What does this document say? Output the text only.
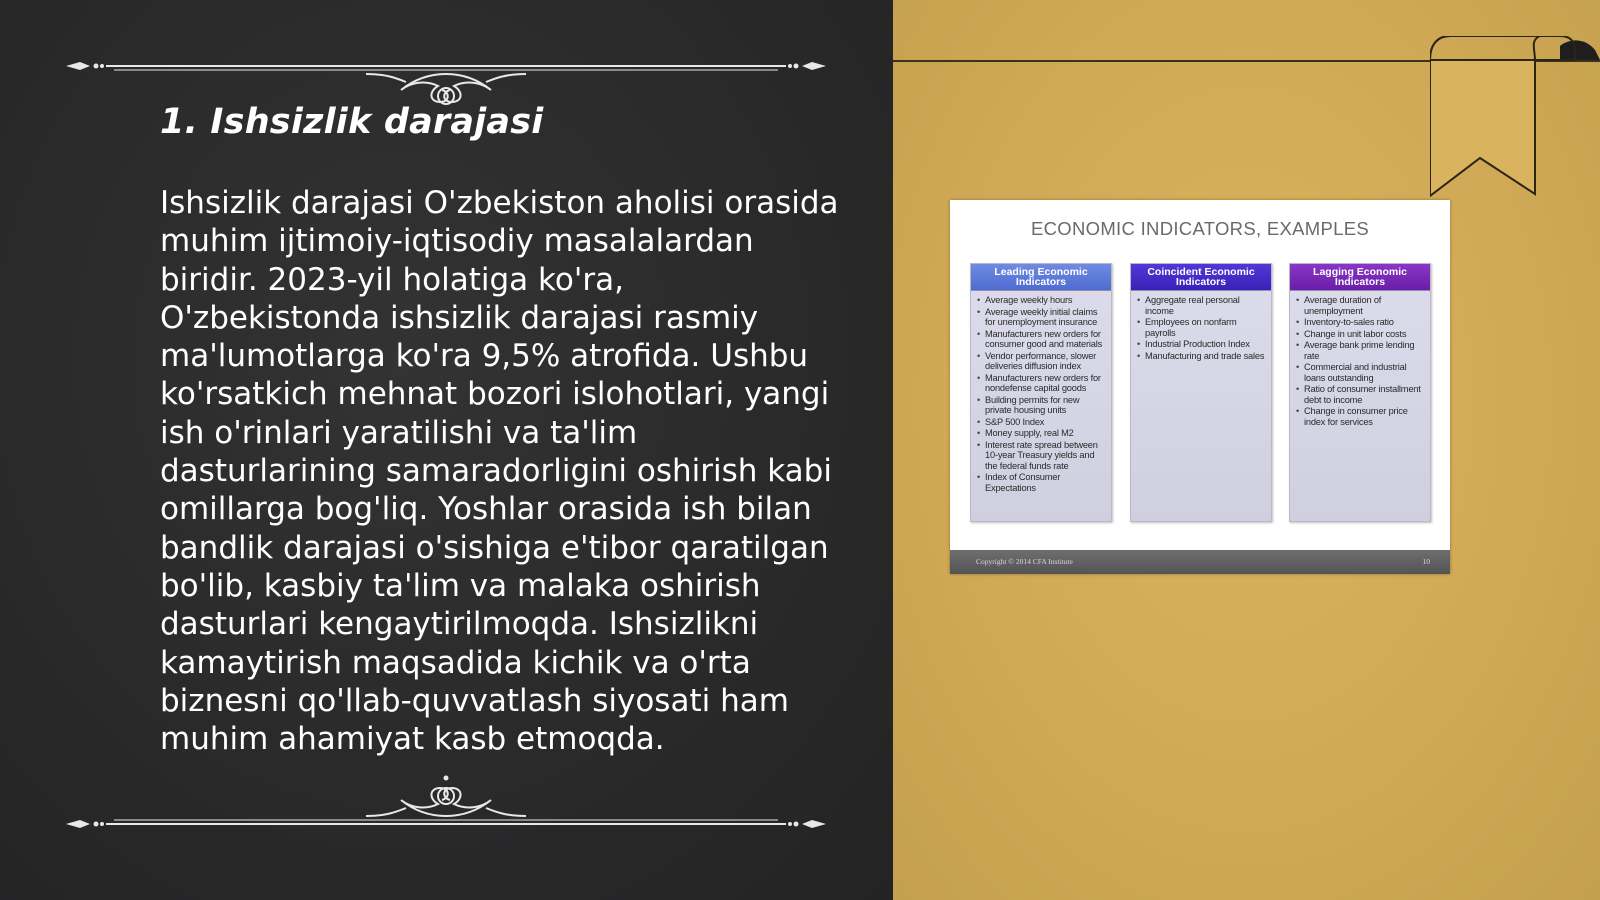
1. Ishsizlik darajasi

Ishsizlik darajasi O'zbekiston aholisi orasida muhim ijtimoiy-iqtisodiy masalalardan biridir. 2023-yil holatiga ko'ra, O'zbekistonda ishsizlik darajasi rasmiy ma'lumotlarga ko'ra 9,5% atrofida. Ushbu ko'rsatkich mehnat bozori islohotlari, yangi ish o'rinlari yaratilishi va ta'lim dasturlarining samaradorligini oshirish kabi omillarga bog'liq. Yoshlar orasida ish bilan bandlik darajasi o'sishiga e'tibor qaratilgan bo'lib, kasbiy ta'lim va malaka oshirish dasturlari kengaytirilmoqda. Ishsizlikni kamaytirish maqsadida kichik va o'rta biznesni qo'llab-quvvatlash siyosati ham muhim ahamiyat kasb etmoqda.

ECONOMIC INDICATORS, EXAMPLES
Leading Economic Indicators
• Average weekly hours
• Average weekly initial claims for unemployment insurance
• Manufacturers new orders for consumer good and materials
• Vendor performance, slower deliveries diffusion index
• Manufacturers new orders for nondefense capital goods
• Building permits for new private housing units
• S&P 500 Index
• Money supply, real M2
• Interest rate spread between 10-year Treasury yields and the federal funds rate
• Index of Consumer Expectations
Coincident Economic Indicators
• Aggregate real personal income
• Employees on nonfarm payrolls
• Industrial Production Index
• Manufacturing and trade sales
Lagging Economic Indicators
• Average duration of unemployment
• Inventory-to-sales ratio
• Change in unit labor costs
• Average bank prime lending rate
• Commercial and industrial loans outstanding
• Ratio of consumer installment debt to income
• Change in consumer price index for services
Copyright © 2014 CFA Institute	10
